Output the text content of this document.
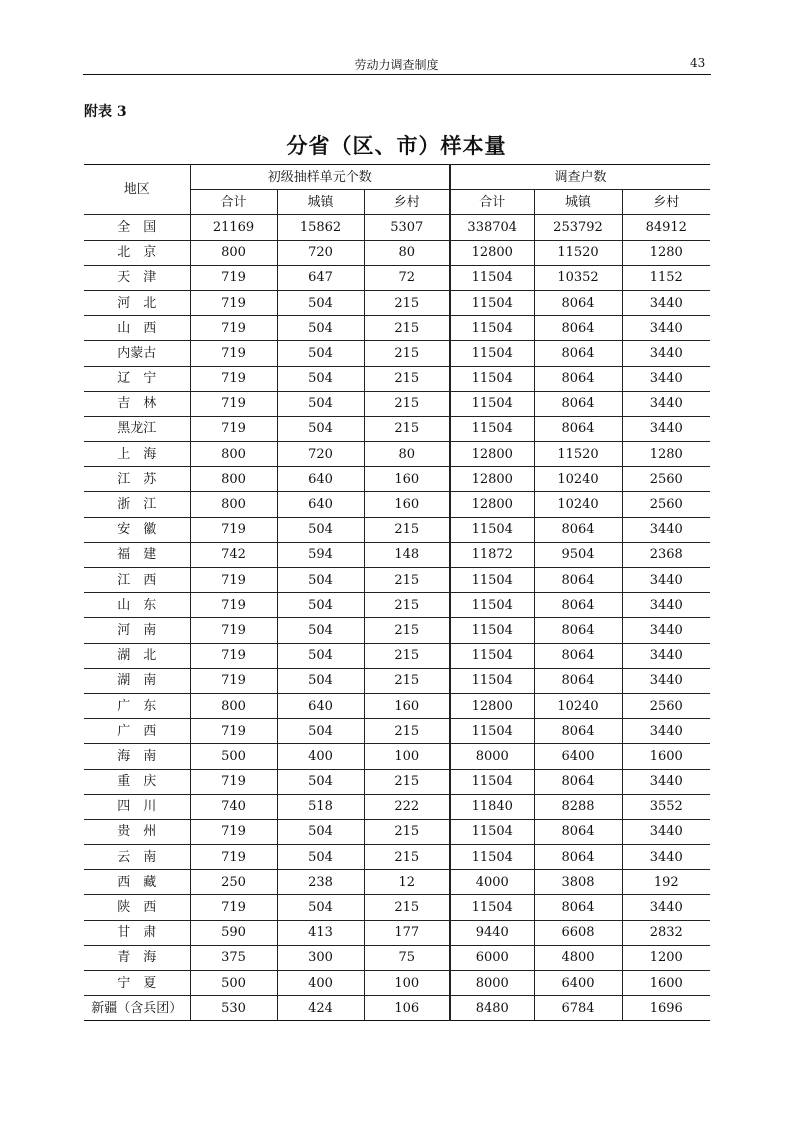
劳动力调查制度	43
附表 3
分省（区、市）样本量
地区	初级抽样单元个数			调查户数		
	合计	城镇	乡村	合计	城镇	乡村
全　国	21169	15862	5307	338704	253792	84912
北　京	800	720	80	12800	11520	1280
天　津	719	647	72	11504	10352	1152
河　北	719	504	215	11504	8064	3440
山　西	719	504	215	11504	8064	3440
内蒙古	719	504	215	11504	8064	3440
辽　宁	719	504	215	11504	8064	3440
吉　林	719	504	215	11504	8064	3440
黑龙江	719	504	215	11504	8064	3440
上　海	800	720	80	12800	11520	1280
江　苏	800	640	160	12800	10240	2560
浙　江	800	640	160	12800	10240	2560
安　徽	719	504	215	11504	8064	3440
福　建	742	594	148	11872	9504	2368
江　西	719	504	215	11504	8064	3440
山　东	719	504	215	11504	8064	3440
河　南	719	504	215	11504	8064	3440
湖　北	719	504	215	11504	8064	3440
湖　南	719	504	215	11504	8064	3440
广　东	800	640	160	12800	10240	2560
广　西	719	504	215	11504	8064	3440
海　南	500	400	100	8000	6400	1600
重　庆	719	504	215	11504	8064	3440
四　川	740	518	222	11840	8288	3552
贵　州	719	504	215	11504	8064	3440
云　南	719	504	215	11504	8064	3440
西　藏	250	238	12	4000	3808	192
陕　西	719	504	215	11504	8064	3440
甘　肃	590	413	177	9440	6608	2832
青　海	375	300	75	6000	4800	1200
宁　夏	500	400	100	8000	6400	1600
新疆（含兵团）	530	424	106	8480	6784	1696
